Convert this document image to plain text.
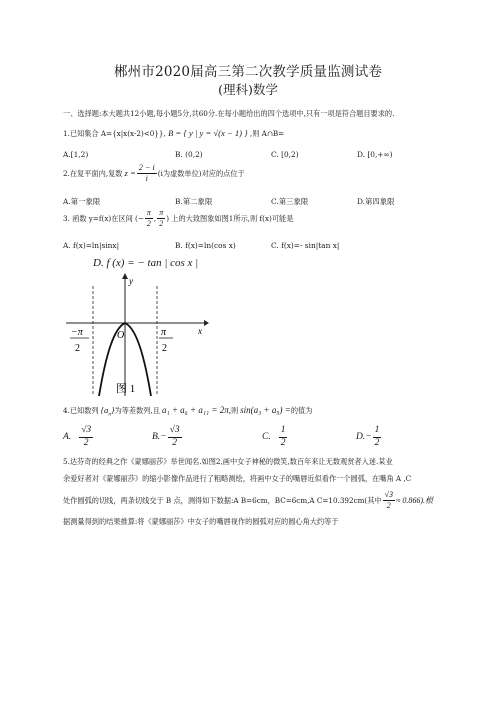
郴州市2020届高三第二次教学质量监测试卷
(理科)数学
一、选择题:本大题共12小题,每小题5分,共60分.在每小题给出的四个选项中,只有一项是符合题目要求的.
1.已知集合 A={x|x(x-2)<0}}, B = { y | y = √(x − 1) } ,则 A∩B=
A.[1,2)	B. (0,2)	C. [0,2)	D. [0,+∞)
2.在复平面内,复数 $z = \frac{2 - i}{i} (i$为虚数单位)对应的点位于
A.第一象限	B.第二象限	C.第三象限	D.第四象限
3. 函数 y=f(x)在区间 (− $\frac{\pi}{2}$ , $\frac{\pi}{2}$ ) 上的大致图象如图1所示,则 f(x)可能是
A. f(x)=ln|sinx|	B. f(x)=ln(cos x)	C. f(x)=- sin|tan x|
D. f (x) = − tan | cos x |
y
x
O
−π
2
π
2
图 1
4.已知数列 $\{a_n\}$ 为等差数列,且 a₁ + a₆ + a₁₁ = 2π, 则 sin(a₃ + a₉) = 的值为
A. $\frac{√3}{2}$	B. − $\frac{√3}{2}$	C. $\frac{1}{2}$	D. − $\frac{1}{2}$
5.达芬奇的经典之作《蒙娜丽莎》举世闻名.如图2,画中女子神秘的微笑,数百年来让无数观赏者入迷.某业
余爱好者对《蒙娜丽莎》的缩小影像作品进行了粗略测绘，将画中女子的嘴唇近似看作一个圆弧，在嘴角 A ,C
处作圆弧的切线，两条切线交于 B 点，测得如下数据:A B=6cm，BC=6cm,A C=10.392cm(其中 $\frac{√3}{2} \approx 0.866$).根
据测量得到的结果推算:将《蒙娜丽莎》中女子的嘴唇视作的圆弧对应的圆心角大约等于
